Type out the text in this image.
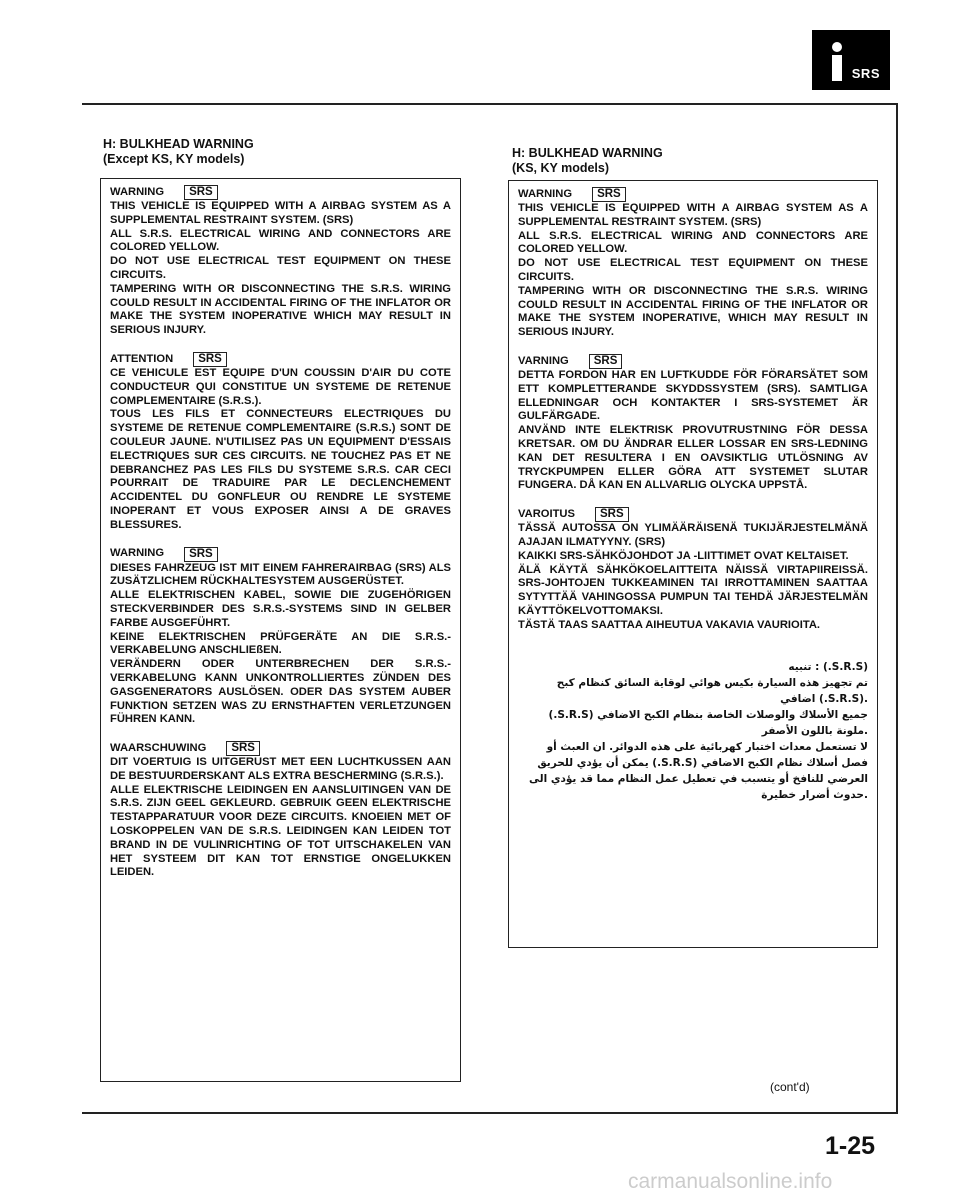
SRS
H: BULKHEAD WARNING
(Except KS, KY models)
WARNING	SRS
THIS VEHICLE IS EQUIPPED WITH A AIRBAG SYSTEM AS A SUPPLEMENTAL RESTRAINT SYSTEM. (SRS)
ALL S.R.S. ELECTRICAL WIRING AND CONNECTORS ARE COLORED YELLOW.
DO NOT USE ELECTRICAL TEST EQUIPMENT ON THESE CIRCUITS.
TAMPERING WITH OR DISCONNECTING THE S.R.S. WIRING COULD RESULT IN ACCIDENTAL FIRING OF THE INFLATOR OR MAKE THE SYSTEM INOPERATIVE WHICH MAY RESULT IN SERIOUS INJURY.
ATTENTION	SRS
CE VEHICULE EST EQUIPE D'UN COUSSIN D'AIR DU COTE CONDUCTEUR QUI CONSTITUE UN SYSTEME DE RETENUE COMPLEMENTAIRE (S.R.S.).
TOUS LES FILS ET CONNECTEURS ELECTRIQUES DU SYSTEME DE RETENUE COMPLEMENTAIRE (S.R.S.) SONT DE COULEUR JAUNE. N'UTILISEZ PAS UN EQUIPMENT D'ESSAIS ELECTRIQUES SUR CES CIRCUITS. NE TOUCHEZ PAS ET NE DEBRANCHEZ PAS LES FILS DU SYSTEME S.R.S. CAR CECI POURRAIT DE TRADUIRE PAR LE DECLENCHEMENT ACCIDENTEL DU GONFLEUR OU RENDRE LE SYSTEME INOPERANT ET VOUS EXPOSER AINSI A DE GRAVES BLESSURES.
WARNING	SRS
DIESES FAHRZEUG IST MIT EINEM FAHRERAIRBAG (SRS) ALS ZUSÄTZLICHEM RÜCKHALTESYSTEM AUSGERÜSTET.
ALLE ELEKTRISCHEN KABEL, SOWIE DIE ZUGEHÖRIGEN STECKVERBINDER DES S.R.S.-SYSTEMS SIND IN GELBER FARBE AUSGEFÜHRT.
KEINE ELEKTRISCHEN PRÜFGERÄTE AN DIE S.R.S.-VERKABELUNG ANSCHLIEßEN.
VERÄNDERN ODER UNTERBRECHEN DER S.R.S.-VERKABELUNG KANN UNKONTROLLIERTES ZÜNDEN DES GASGENERATORS AUSLÖSEN. ODER DAS SYSTEM AUBER FUNKTION SETZEN WAS ZU ERNSTHAFTEN VERLETZUNGEN FÜHREN KANN.
WAARSCHUWING	SRS
DIT VOERTUIG IS UITGERUST MET EEN LUCHTKUSSEN AAN DE BESTUURDERSKANT ALS EXTRA BESCHERMING (S.R.S.).
ALLE ELEKTRISCHE LEIDINGEN EN AANSLUITINGEN VAN DE S.R.S. ZIJN GEEL GEKLEURD. GEBRUIK GEEN ELEKTRISCHE TESTAPPARATUUR VOOR DEZE CIRCUITS. KNOEIEN MET OF LOSKOPPELEN VAN DE S.R.S. LEIDINGEN KAN LEIDEN TOT BRAND IN DE VULINRICHTING OF TOT UITSCHAKELEN VAN HET SYSTEEM DIT KAN TOT ERNSTIGE ONGELUKKEN LEIDEN.
H: BULKHEAD WARNING
(KS, KY models)
WARNING	SRS
THIS VEHICLE IS EQUIPPED WITH A AIRBAG SYSTEM AS A SUPPLEMENTAL RESTRAINT SYSTEM. (SRS)
ALL S.R.S. ELECTRICAL WIRING AND CONNECTORS ARE COLORED YELLOW.
DO NOT USE ELECTRICAL TEST EQUIPMENT ON THESE CIRCUITS.
TAMPERING WITH OR DISCONNECTING THE S.R.S. WIRING COULD RESULT IN ACCIDENTAL FIRING OF THE INFLATOR OR MAKE THE SYSTEM INOPERATIVE, WHICH MAY RESULT IN SERIOUS INJURY.
VARNING	SRS
DETTA FORDON HAR EN LUFTKUDDE FÖR FÖRARSÄTET SOM ETT KOMPLETTERANDE SKYDDSSYSTEM (SRS). SAMTLIGA ELLEDNINGAR OCH KONTAKTER I SRS-SYSTEMET ÄR GULFÄRGADE.
ANVÄND INTE ELEKTRISK PROVUTRUSTNING FÖR DESSA KRETSAR. OM DU ÄNDRAR ELLER LOSSAR EN SRS-LEDNING KAN DET RESULTERA I EN OAVSIKTLIG UTLÖSNING AV TRYCKPUMPEN ELLER GÖRA ATT SYSTEMET SLUTAR FUNGERA. DÅ KAN EN ALLVARLIG OLYCKA UPPSTÅ.
VAROITUS	SRS
TÄSSÄ AUTOSSA ON YLIMÄÄRÄISENÄ TUKIJÄRJESTELMÄNÄ AJAJAN ILMATYYNY. (SRS)
KAIKKI SRS-SÄHKÖJOHDOT JA -LIITTIMET OVAT KELTAISET.
ÄLÄ KÄYTÄ SÄHKÖKOELAITTEITA NÄISSÄ VIRTAPIIREISSÄ. SRS-JOHTOJEN TUKKEAMINEN TAI IRROTTAMINEN SAATTAA SYTYTTÄÄ VAHINGOSSA PUMPUN TAI TEHDÄ JÄRJESTELMÄN KÄYTTÖKELVOTTOMAKSI.
TÄSTÄ TAAS SAATTAA AIHEUTUA VAKAVIA VAURIOITA.
(S.R.S.) : تنبيه
تم تجهيز هذه السيارة بكيس هوائي لوقاية السائق كنظام كبح
.(S.R.S.) اضافي
جميع الأسلاك والوصلات الخاصة بنظام الكبح الاضافي (S.R.S.)
.ملونة باللون الأصفر
لا تستعمل معدات اختبار كهربائية على هذه الدوائر. ان العبث أو
فصل أسلاك نظام الكبح الاضافي (S.R.S.) يمكن أن يؤدي للحريق
العرضي للنافخ أو يتسبب في تعطيل عمل النظام مما قد يؤدي الى
.حدوث أضرار خطيرة
(cont'd)
1-25
carmanualsonline.info
